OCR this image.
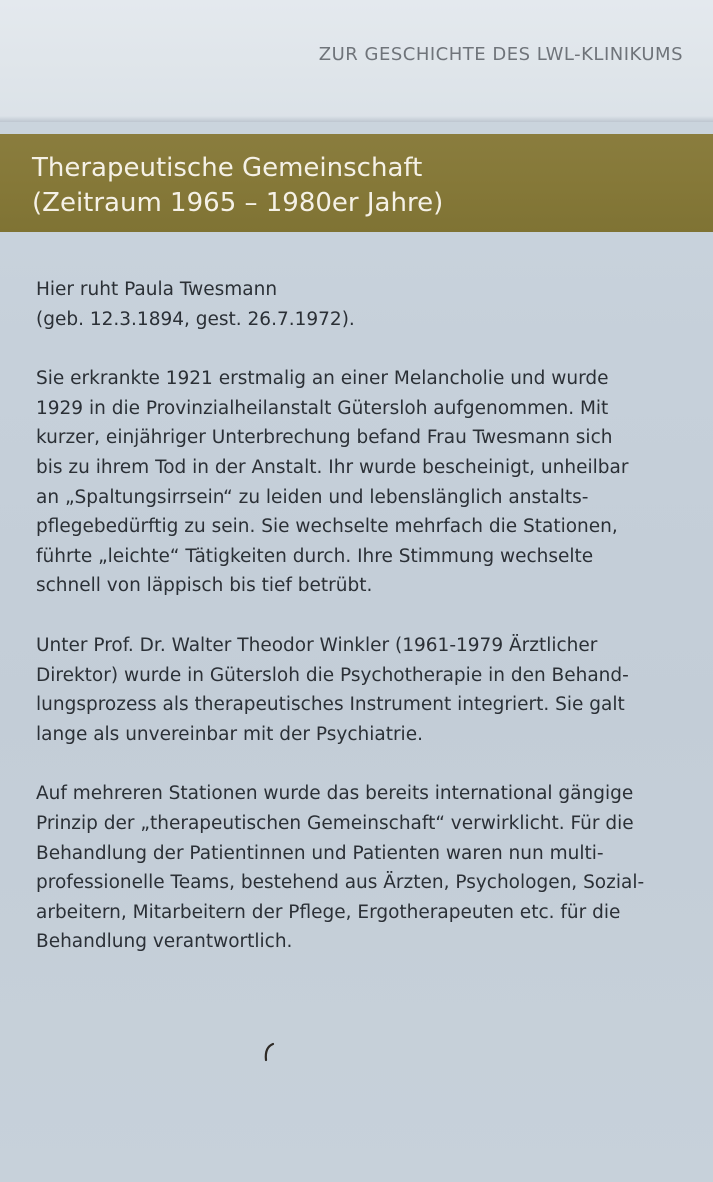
ZUR GESCHICHTE DES LWL-KLINIKUMS
Therapeutische Gemeinschaft
(Zeitraum 1965 – 1980er Jahre)

Hier ruht Paula Twesmann
(geb. 12.3.1894, gest. 26.7.1972).

Sie erkrankte 1921 erstmalig an einer Melancholie und wurde
1929 in die Provinzialheilanstalt Gütersloh aufgenommen. Mit
kurzer, einjähriger Unterbrechung befand Frau Twesmann sich
bis zu ihrem Tod in der Anstalt. Ihr wurde bescheinigt, unheilbar
an „Spaltungsirrsein“ zu leiden und lebenslänglich anstalts-
pflegebedürftig zu sein. Sie wechselte mehrfach die Stationen,
führte „leichte“ Tätigkeiten durch. Ihre Stimmung wechselte
schnell von läppisch bis tief betrübt.

Unter Prof. Dr. Walter Theodor Winkler (1961-1979 Ärztlicher
Direktor) wurde in Gütersloh die Psychotherapie in den Behand-
lungsprozess als therapeutisches Instrument integriert. Sie galt
lange als unvereinbar mit der Psychiatrie.

Auf mehreren Stationen wurde das bereits international gängige
Prinzip der „therapeutischen Gemeinschaft“ verwirklicht. Für die
Behandlung der Patientinnen und Patienten waren nun multi-
professionelle Teams, bestehend aus Ärzten, Psychologen, Sozial-
arbeitern, Mitarbeitern der Pflege, Ergotherapeuten etc. für die
Behandlung verantwortlich.
